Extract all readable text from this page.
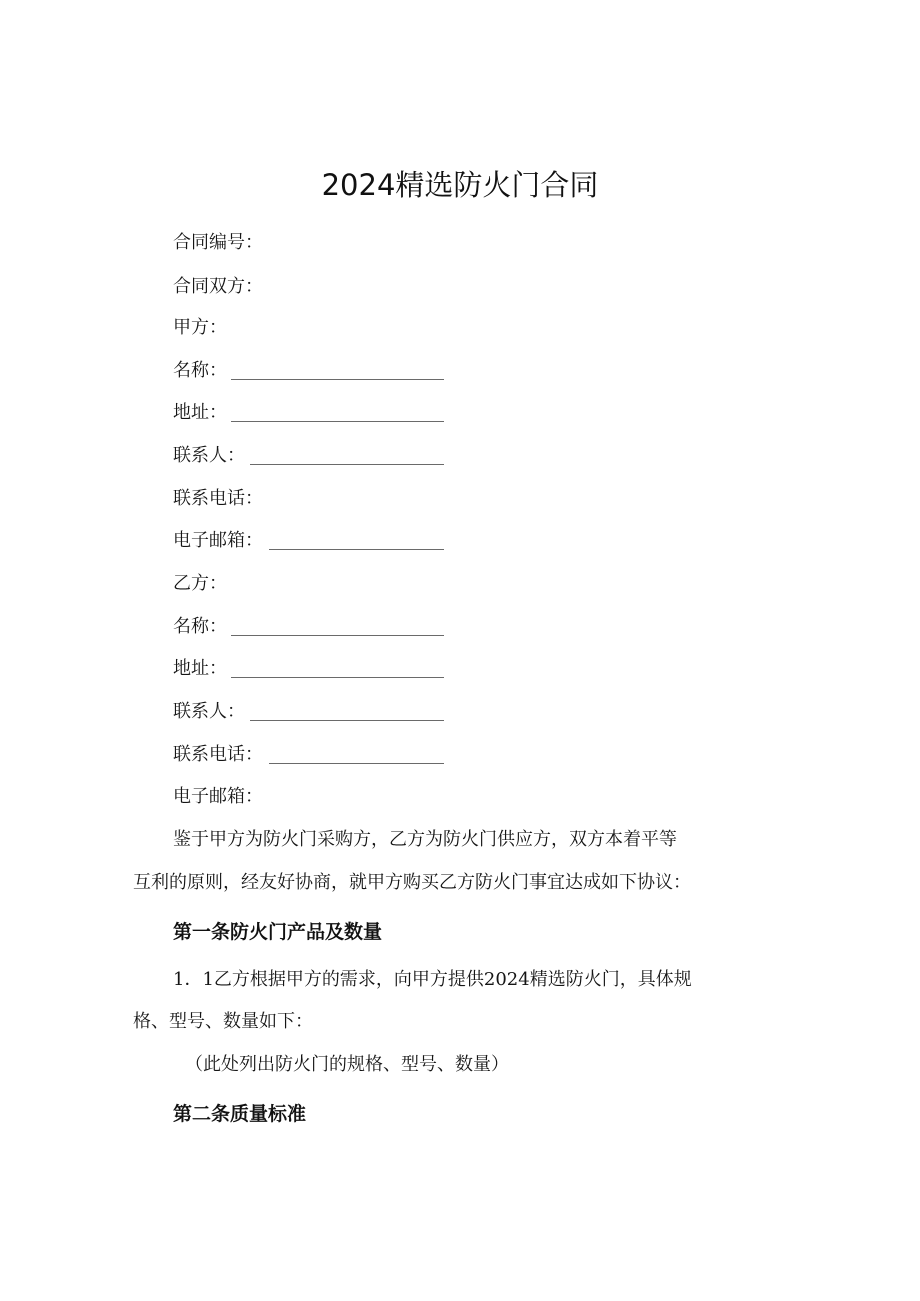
2024精选防火门合同
合同编号：
合同双方：
甲方：
名称：
地址：
联系人：
联系电话：
电子邮箱：
乙方：
名称：
地址：
联系人：
联系电话：
电子邮箱：
鉴于甲方为防火门采购方，乙方为防火门供应方，双方本着平等
互利的原则，经友好协商，就甲方购买乙方防火门事宜达成如下协议：
第一条防火门产品及数量
1．1乙方根据甲方的需求，向甲方提供2024精选防火门，具体规
格、型号、数量如下：
（此处列出防火门的规格、型号、数量）
第二条质量标准
